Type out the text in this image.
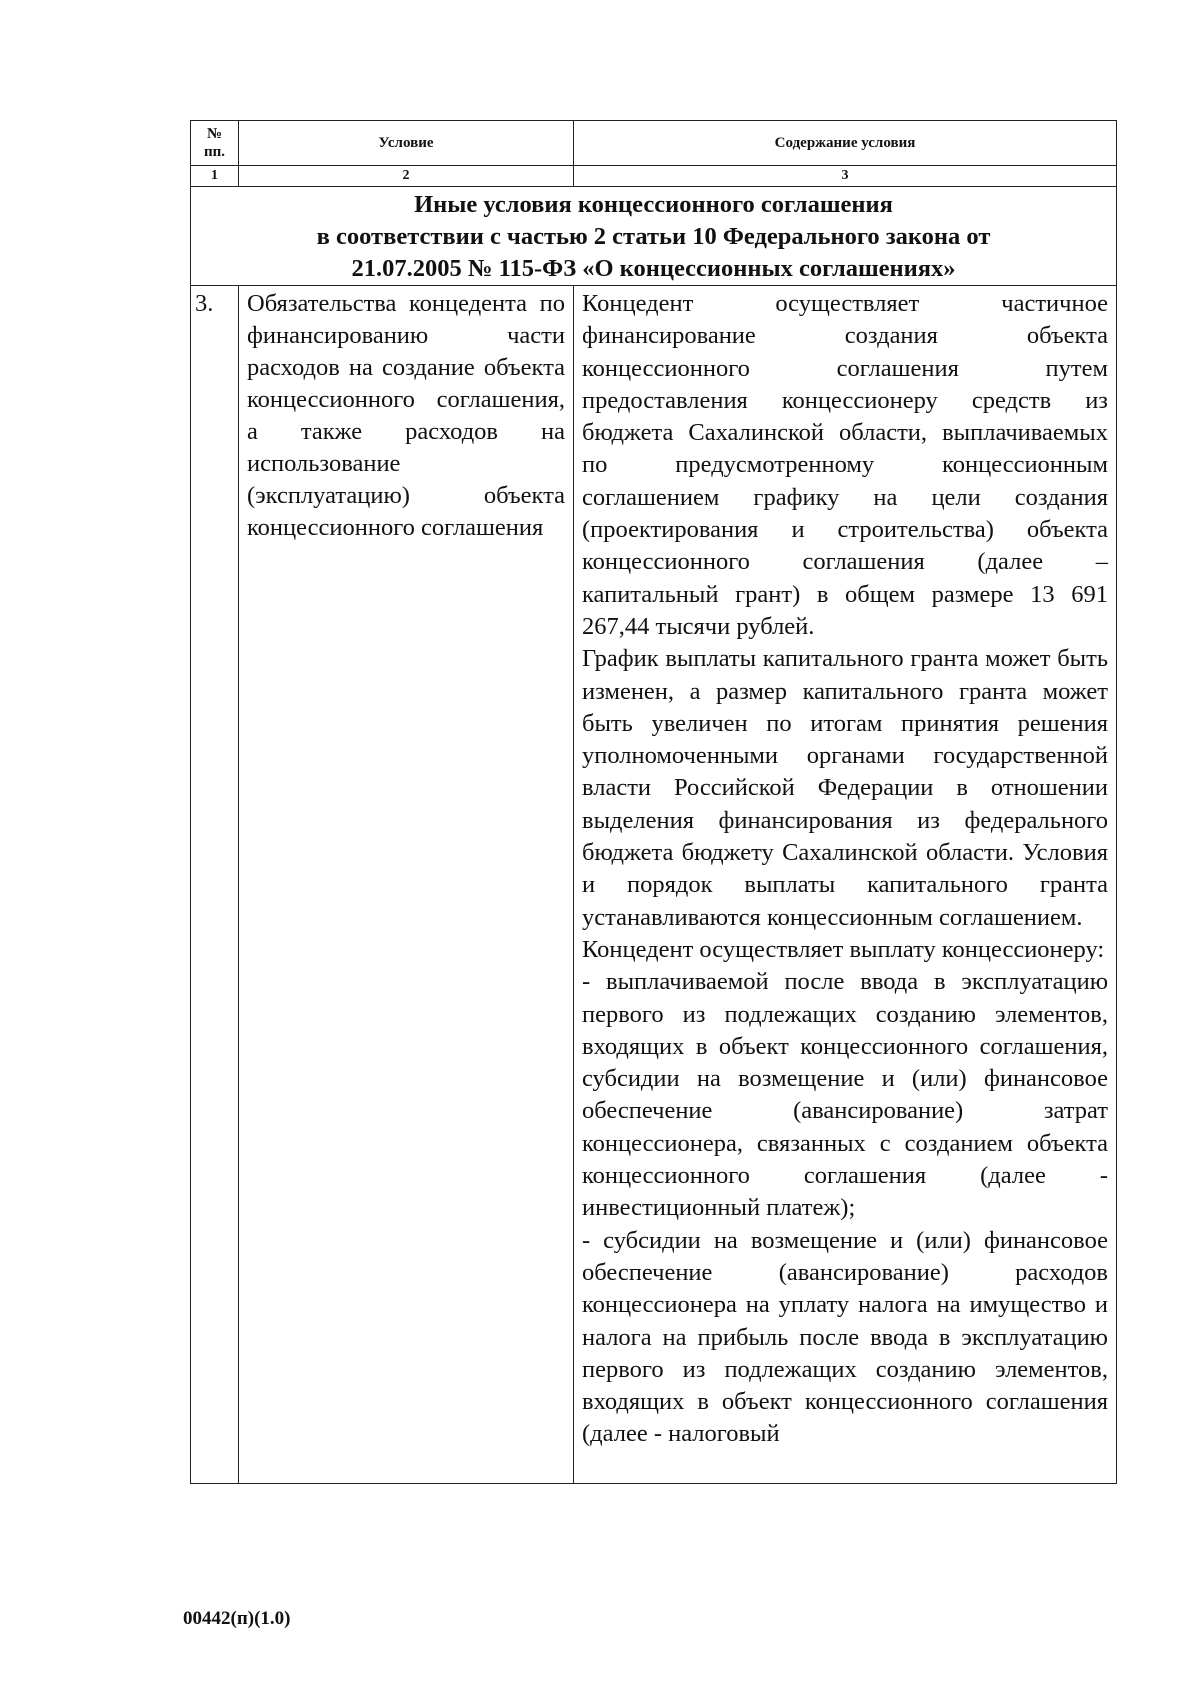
№
пп.	Условие	Содержание условия
1	2	3

Иные условия концессионного соглашения
в соответствии с частью 2 статьи 10 Федерального закона от
21.07.2005 № 115-ФЗ «О концессионных соглашениях»		

3.	Обязательства концедента по финансированию части расходов на создание объекта концессионного соглашения, а также расходов на использование (эксплуатацию) объекта концессионного соглашения	Концедент осуществляет частичное финансирование создания объекта концессионного соглашения путем предоставления концессионеру средств из бюджета Сахалинской области, выплачиваемых по предусмотренному концессионным соглашением графику на цели создания (проектирования и строительства) объекта концессионного соглашения (далее – капитальный грант) в общем размере 13 691 267,44 тысячи рублей.

График выплаты капитального гранта может быть изменен, а размер капитального гранта может быть увеличен по итогам принятия решения уполномоченными органами государственной власти Российской Федерации в отношении выделения финансирования из федерального бюджета бюджету Сахалинской области. Условия и порядок выплаты капитального гранта устанавливаются концессионным соглашением.

Концедент осуществляет выплату концессионеру:

- выплачиваемой после ввода в эксплуатацию первого из подлежащих созданию элементов, входящих в объект концессионного соглашения, субсидии на возмещение и (или) финансовое обеспечение (авансирование) затрат концессионера, связанных с созданием объекта концессионного соглашения (далее - инвестиционный платеж);

- субсидии на возмещение и (или) финансовое обеспечение (авансирование) расходов концессионера на уплату налога на имущество и налога на прибыль после ввода в эксплуатацию первого из подлежащих созданию элементов, входящих в объект концессионного соглашения (далее - налоговый

00442(п)(1.0)
